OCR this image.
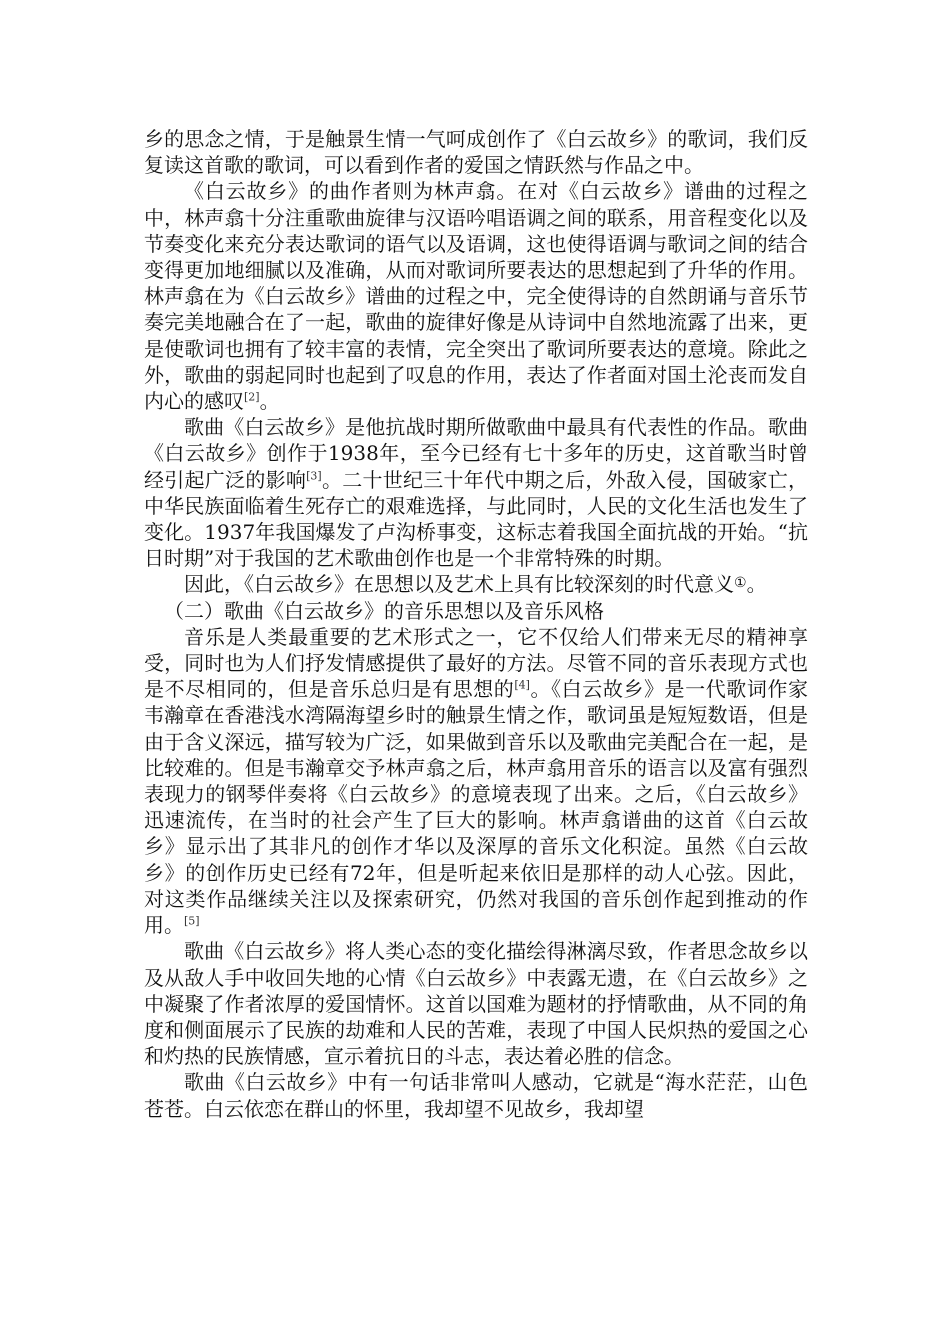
乡的思念之情，于是触景生情一气呵成创作了《白云故乡》的歌词，我们反复读这首歌的歌词，可以看到作者的爱国之情跃然与作品之中。

《白云故乡》的曲作者则为林声翕。在对《白云故乡》谱曲的过程之中，林声翕十分注重歌曲旋律与汉语吟唱语调之间的联系，用音程变化以及节奏变化来充分表达歌词的语气以及语调，这也使得语调与歌词之间的结合变得更加地细腻以及准确，从而对歌词所要表达的思想起到了升华的作用。林声翕在为《白云故乡》谱曲的过程之中，完全使得诗的自然朗诵与音乐节奏完美地融合在了一起，歌曲的旋律好像是从诗词中自然地流露了出来，更是使歌词也拥有了较丰富的表情，完全突出了歌词所要表达的意境。除此之外，歌曲的弱起同时也起到了叹息的作用，表达了作者面对国土沦丧而发自内心的感叹[2]。

歌曲《白云故乡》是他抗战时期所做歌曲中最具有代表性的作品。歌曲《白云故乡》创作于1938年，至今已经有七十多年的历史，这首歌当时曾经引起广泛的影响[3]。二十世纪三十年代中期之后，外敌入侵，国破家亡，中华民族面临着生死存亡的艰难选择，与此同时，人民的文化生活也发生了变化。1937年我国爆发了卢沟桥事变，这标志着我国全面抗战的开始。“抗日时期”对于我国的艺术歌曲创作也是一个非常特殊的时期。

因此，《白云故乡》在思想以及艺术上具有比较深刻的时代意义①。

（二）歌曲《白云故乡》的音乐思想以及音乐风格

音乐是人类最重要的艺术形式之一，它不仅给人们带来无尽的精神享受，同时也为人们抒发情感提供了最好的方法。尽管不同的音乐表现方式也是不尽相同的，但是音乐总归是有思想的[4]。《白云故乡》是一代歌词作家韦瀚章在香港浅水湾隔海望乡时的触景生情之作，歌词虽是短短数语，但是由于含义深远，描写较为广泛，如果做到音乐以及歌曲完美配合在一起，是比较难的。但是韦瀚章交予林声翕之后，林声翕用音乐的语言以及富有强烈表现力的钢琴伴奏将《白云故乡》的意境表现了出来。之后，《白云故乡》迅速流传，在当时的社会产生了巨大的影响。林声翕谱曲的这首《白云故乡》显示出了其非凡的创作才华以及深厚的音乐文化积淀。虽然《白云故乡》的创作历史已经有72年，但是听起来依旧是那样的动人心弦。因此，对这类作品继续关注以及探索研究，仍然对我国的音乐创作起到推动的作用。[5]

歌曲《白云故乡》将人类心态的变化描绘得淋漓尽致，作者思念故乡以及从敌人手中收回失地的心情《白云故乡》中表露无遗，在《白云故乡》之中凝聚了作者浓厚的爱国情怀。这首以国难为题材的抒情歌曲，从不同的角度和侧面展示了民族的劫难和人民的苦难，表现了中国人民炽热的爱国之心和灼热的民族情感，宣示着抗日的斗志，表达着必胜的信念。

歌曲《白云故乡》中有一句话非常叫人感动，它就是“海水茫茫，山色苍苍。白云依恋在群山的怀里，我却望不见故乡，我却望
